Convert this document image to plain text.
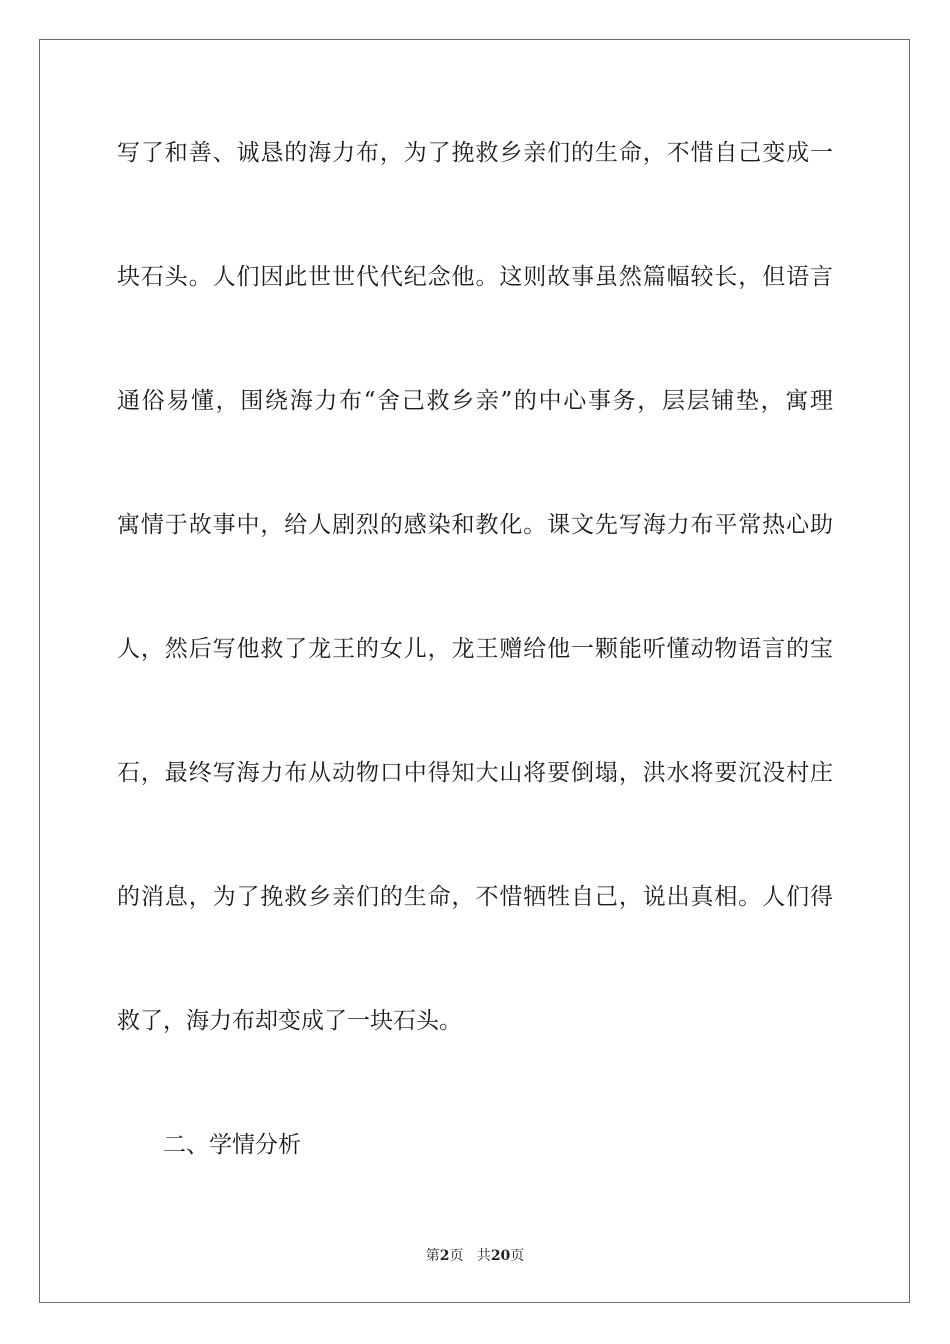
写了和善、诚恳的海力布，为了挽救乡亲们的生命，不惜自己变成一
块石头。人们因此世世代代纪念他。这则故事虽然篇幅较长，但语言
通俗易懂，围绕海力布“舍己救乡亲”的中心事务，层层铺垫，寓理
寓情于故事中，给人剧烈的感染和教化。课文先写海力布平常热心助
人，然后写他救了龙王的女儿，龙王赠给他一颗能听懂动物语言的宝
石，最终写海力布从动物口中得知大山将要倒塌，洪水将要沉没村庄
的消息，为了挽救乡亲们的生命，不惜牺牲自己，说出真相。人们得
救了，海力布却变成了一块石头。
二、学情分析
第2页 共20页
